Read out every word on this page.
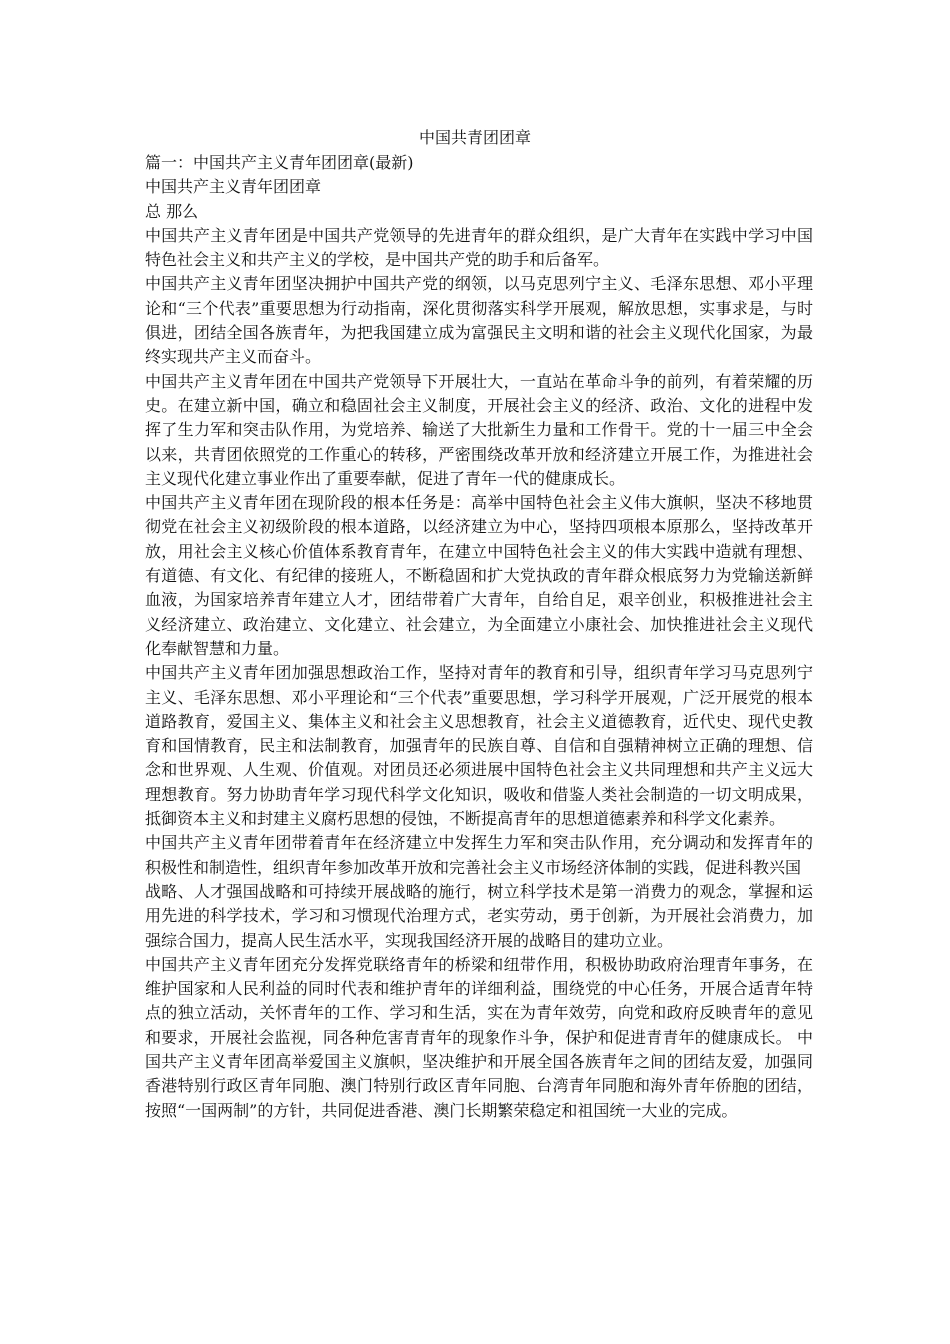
中国共青团团章

篇一：中国共产主义青年团团章(最新)

中国共产主义青年团团章

总 那么

中国共产主义青年团是中国共产党领导的先进青年的群众组织，是广大青年在实践中学习中国特色社会主义和共产主义的学校，是中国共产党的助手和后备军。

中国共产主义青年团坚决拥护中国共产党的纲领，以马克思列宁主义、毛泽东思想、邓小平理论和“三个代表”重要思想为行动指南，深化贯彻落实科学开展观，解放思想，实事求是，与时俱进，团结全国各族青年，为把我国建立成为富强民主文明和谐的社会主义现代化国家，为最终实现共产主义而奋斗。

中国共产主义青年团在中国共产党领导下开展壮大，一直站在革命斗争的前列，有着荣耀的历史。在建立新中国，确立和稳固社会主义制度，开展社会主义的经济、政治、文化的进程中发挥了生力军和突击队作用，为党培养、输送了大批新生力量和工作骨干。党的十一届三中全会以来，共青团依照党的工作重心的转移，严密围绕改革开放和经济建立开展工作，为推进社会主义现代化建立事业作出了重要奉献，促进了青年一代的健康成长。

中国共产主义青年团在现阶段的根本任务是：高举中国特色社会主义伟大旗帜，坚决不移地贯彻党在社会主义初级阶段的根本道路，以经济建立为中心，坚持四项根本原那么，坚持改革开放，用社会主义核心价值体系教育青年，在建立中国特色社会主义的伟大实践中造就有理想、有道德、有文化、有纪律的接班人，不断稳固和扩大党执政的青年群众根底努力为党输送新鲜血液，为国家培养青年建立人才，团结带着广大青年，自给自足，艰辛创业，积极推进社会主义经济建立、政治建立、文化建立、社会建立，为全面建立小康社会、加快推进社会主义现代化奉献智慧和力量。

中国共产主义青年团加强思想政治工作，坚持对青年的教育和引导，组织青年学习马克思列宁主义、毛泽东思想、邓小平理论和“三个代表”重要思想，学习科学开展观，广泛开展党的根本道路教育，爱国主义、集体主义和社会主义思想教育，社会主义道德教育，近代史、现代史教育和国情教育，民主和法制教育，加强青年的民族自尊、自信和自强精神树立正确的理想、信念和世界观、人生观、价值观。对团员还必须进展中国特色社会主义共同理想和共产主义远大理想教育。努力协助青年学习现代科学文化知识，吸收和借鉴人类社会制造的一切文明成果，抵御资本主义和封建主义腐朽思想的侵蚀，不断提高青年的思想道德素养和科学文化素养。

中国共产主义青年团带着青年在经济建立中发挥生力军和突击队作用，充分调动和发挥青年的积极性和制造性，组织青年参加改革开放和完善社会主义市场经济体制的实践，促进科教兴国

战略、人才强国战略和可持续开展战略的施行，树立科学技术是第一消费力的观念，掌握和运用先进的科学技术，学习和习惯现代治理方式，老实劳动，勇于创新，为开展社会消费力，加强综合国力，提高人民生活水平，实现我国经济开展的战略目的建功立业。

中国共产主义青年团充分发挥党联络青年的桥梁和纽带作用，积极协助政府治理青年事务，在维护国家和人民利益的同时代表和维护青年的详细利益，围绕党的中心任务，开展合适青年特点的独立活动，关怀青年的工作、学习和生活，实在为青年效劳，向党和政府反映青年的意见和要求，开展社会监视，同各种危害青青年的现象作斗争，保护和促进青青年的健康成长。 中国共产主义青年团高举爱国主义旗帜，坚决维护和开展全国各族青年之间的团结友爱，加强同香港特别行政区青年同胞、澳门特别行政区青年同胞、台湾青年同胞和海外青年侨胞的团结，按照“一国两制”的方针，共同促进香港、澳门长期繁荣稳定和祖国统一大业的完成。
